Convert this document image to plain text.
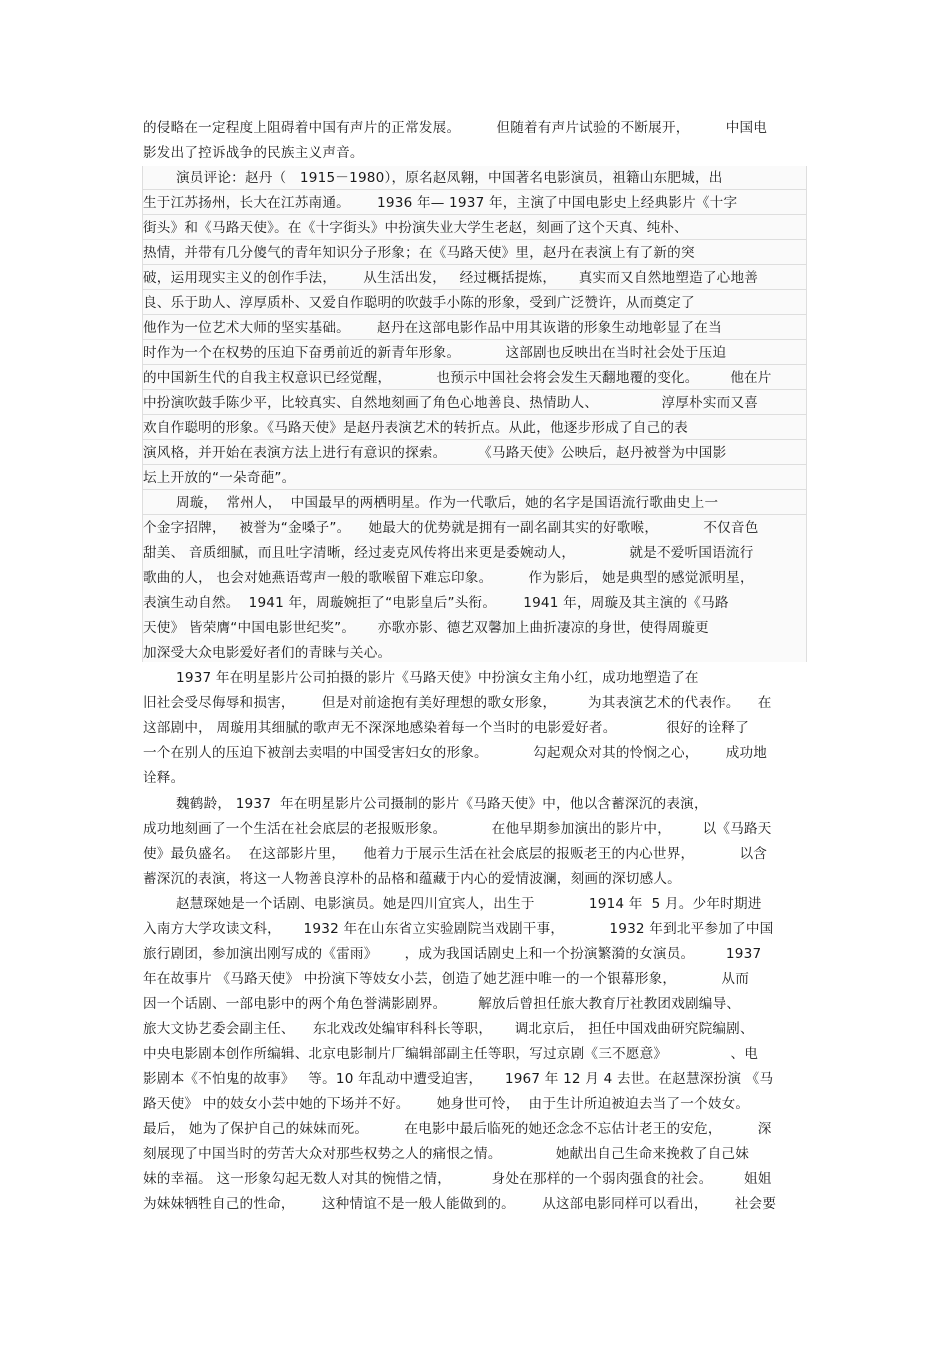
的侵略在一定程度上阻碍着中国有声片的正常发展。        但随着有声片试验的不断展开，        中国电
影发出了控诉战争的民族主义声音。
演员评论：赵丹（   1915－1980），原名赵凤翱，中国著名电影演员，祖籍山东肥城，出
生于江苏扬州，长大在江苏南通。      1936 年— 1937 年，主演了中国电影史上经典影片《十字
街头》和《马路天使》。在《十字街头》中扮演失业大学生老赵，刻画了这个天真、纯朴、
热情，并带有几分傻气的青年知识分子形象；在《马路天使》里，赵丹在表演上有了新的突
破，运用现实主义的创作手法，      从生活出发，   经过概括提炼，     真实而又自然地塑造了心地善
良、乐于助人、淳厚质朴、又爱自作聪明的吹鼓手小陈的形象，受到广泛赞许，从而奠定了
他作为一位艺术大师的坚实基础。      赵丹在这部电影作品中用其诙谐的形象生动地彰显了在当
时作为一个在权势的压迫下奋勇前近的新青年形象。          这部剧也反映出在当时社会处于压迫
的中国新生代的自我主权意识已经觉醒，          也预示中国社会将会发生天翻地覆的变化。       他在片
中扮演吹鼓手陈少平，比较真实、自然地刻画了角色心地善良、热情助人、              淳厚朴实而又喜
欢自作聪明的形象。《马路天使》是赵丹表演艺术的转折点。从此，他逐步形成了自己的表
演风格，并开始在表演方法上进行有意识的探索。       《马路天使》公映后，赵丹被誉为中国影
坛上开放的“一朵奇葩”。
周璇，  常州人，  中国最早的两栖明星。作为一代歌后，她的名字是国语流行歌曲史上一
个金字招牌，   被誉为“金嗓子”。    她最大的优势就是拥有一副名副其实的好歌喉，          不仅音色
甜美、 音质细腻，而且吐字清晰，经过麦克风传将出来更是委婉动人，            就是不爱听国语流行
歌曲的人， 也会对她燕语莺声一般的歌喉留下难忘印象。        作为影后， 她是典型的感觉派明星，
表演生动自然。  1941 年，周璇婉拒了“电影皇后”头衔。      1941 年，周璇及其主演的《马路
天使》 皆荣膺“中国电影世纪奖”。     亦歌亦影、德艺双馨加上曲折凄凉的身世，使得周璇更
加深受大众电影爱好者们的青睐与关心。
1937 年在明星影片公司拍摄的影片《马路天使》中扮演女主角小红，成功地塑造了在
旧社会受尽侮辱和损害，      但是对前途抱有美好理想的歌女形象，       为其表演艺术的代表作。    在
这部剧中， 周璇用其细腻的歌声无不深深地感染着每一个当时的电影爱好者。           很好的诠释了
一个在别人的压迫下被剖去卖唱的中国受害妇女的形象。          勾起观众对其的怜悯之心，      成功地
诠释。
魏鹤龄， 1937  年在明星影片公司摄制的影片《马路天使》中，他以含蓄深沉的表演，
成功地刻画了一个生活在社会底层的老报贩形象。          在他早期参加演出的影片中，       以《马路天
使》最负盛名。  在这部影片里，    他着力于展示生活在社会底层的报贩老王的内心世界，          以含
蓄深沉的表演，将这一人物善良淳朴的品格和蕴藏于内心的爱情波澜，刻画的深切感人。
赵慧琛她是一个话剧、电影演员。她是四川宜宾人，出生于            1914 年  5 月。少年时期进
入南方大学攻读文科，     1932 年在山东省立实验剧院当戏剧干事，          1932 年到北平参加了中国
旅行剧团，参加演出刚写成的《雷雨》      ，成为我国话剧史上和一个扮演繁漪的女演员。       1937
年在故事片 《马路天使》 中扮演下等妓女小芸，创造了她艺涯中唯一的一个银幕形象，          从而
因一个话剧、一部电影中的两个角色誉满影剧界。       解放后曾担任旅大教育厅社教团戏剧编导、
旅大文协艺委会副主任、    东北戏改处编审科科长等职，     调北京后， 担任中国戏曲研究院编剧、
中央电影剧本创作所编辑、北京电影制片厂编辑部副主任等职，写过京剧《三不愿意》              、电
影剧本《不怕鬼的故事》   等。10 年乱动中遭受迫害，     1967 年 12 月 4 去世。在赵慧深扮演 《马
路天使》 中的妓女小芸中她的下场并不好。      她身世可怜，  由于生计所迫被迫去当了一个妓女。
最后， 她为了保护自己的妹妹而死。        在电影中最后临死的她还念念不忘估计老王的安危，        深
刻展现了中国当时的劳苦大众对那些权势之人的痛恨之情。            她献出自己生命来挽救了自己妹
妹的幸福。 这一形象勾起无数人对其的惋惜之情，         身处在那样的一个弱肉强食的社会。       姐姐
为妹妹牺牲自己的性命，      这种情谊不是一般人能做到的。      从这部电影同样可以看出，      社会要
